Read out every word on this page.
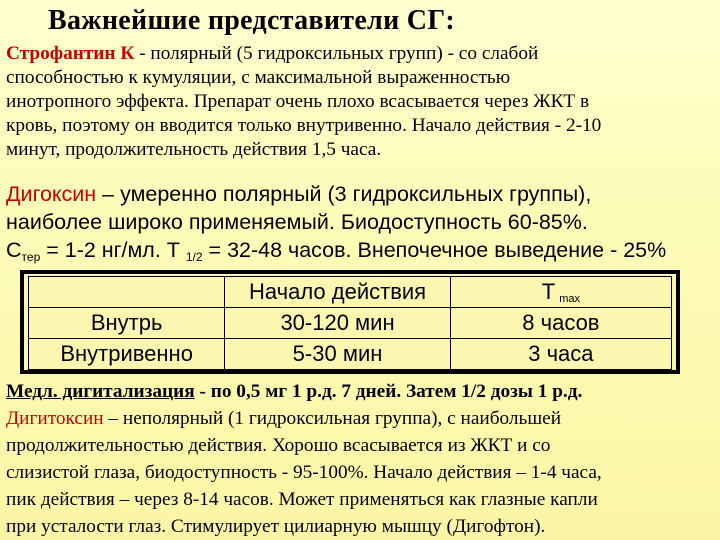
Важнейшие представители СГ:
Строфантин К - полярный (5 гидроксильных групп) - со слабой
способностью к кумуляции, с максимальной выраженностью
инотропного эффекта. Препарат очень плохо всасывается через ЖКТ в
кровь, поэтому он вводится только внутривенно. Начало действия - 2-10
минут, продолжительность действия 1,5 часа.
Дигоксин – умеренно полярный (3 гидроксильных группы),
наиболее широко применяемый. Биодоступность 60-85%.
Стер = 1-2 нг/мл. Т 1/2 = 32-48 часов. Внепочечное выведение - 25%
	Начало действия	Т max
Внутрь	30-120 мин	8 часов
Внутривенно	5-30 мин	3 часа
Медл. дигитализация - по 0,5 мг 1 р.д. 7 дней. Затем 1/2 дозы 1 р.д.
Дигитоксин – неполярный (1 гидроксильная группа), с наибольшей
продолжительностью действия. Хорошо всасывается из ЖКТ и со
слизистой глаза, биодоступность - 95-100%. Начало действия – 1-4 часа,
пик действия – через 8-14 часов. Может применяться как глазные капли
при усталости глаз. Стимулирует цилиарную мышцу (Дигофтон).
